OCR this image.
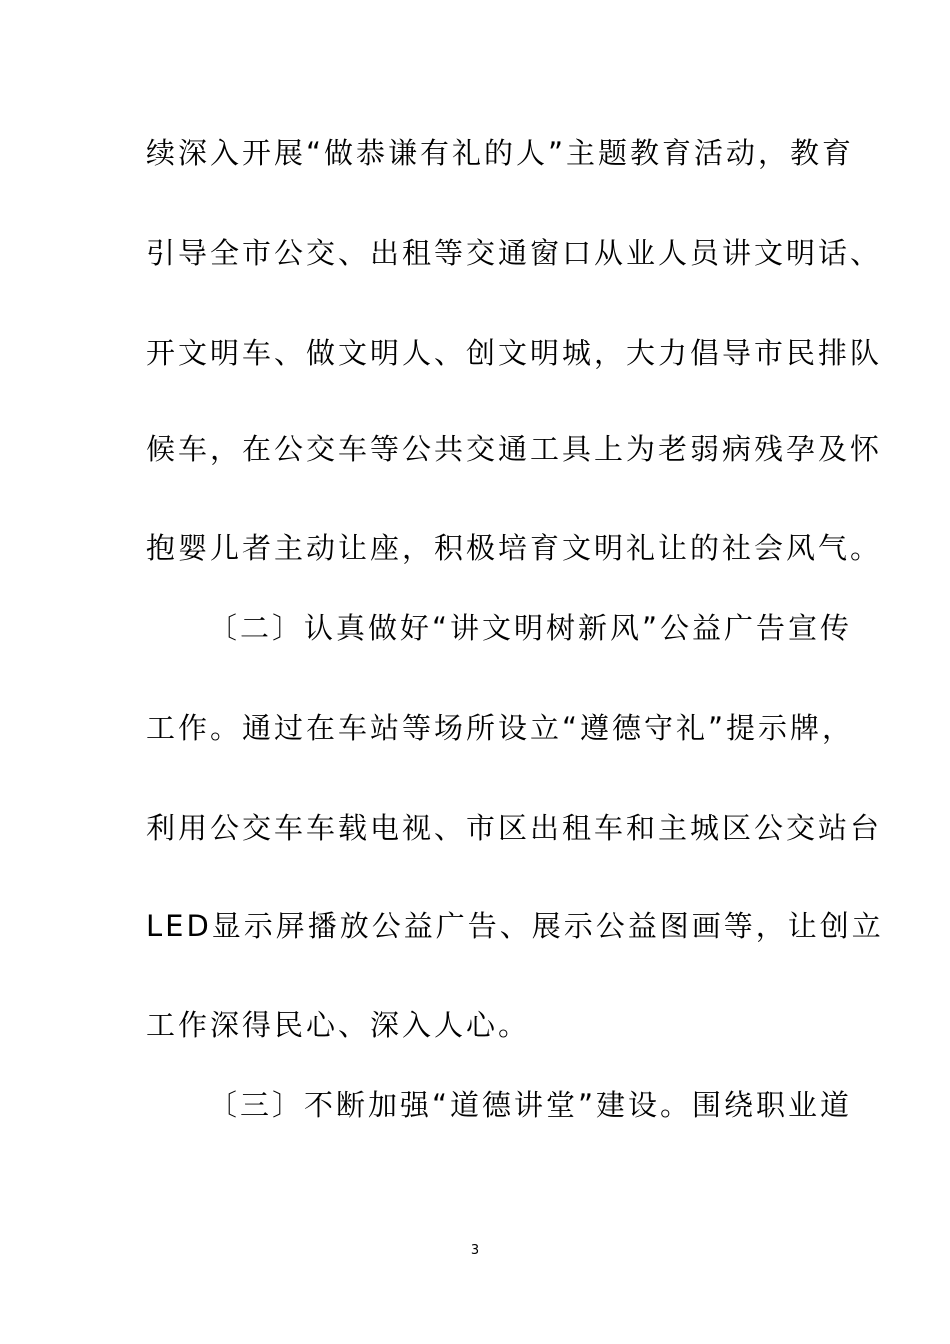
续深入开展“做恭谦有礼的人”主题教育活动，教育
引导全市公交、出租等交通窗口从业人员讲文明话、
开文明车、做文明人、创文明城，大力倡导市民排队
候车，在公交车等公共交通工具上为老弱病残孕及怀
抱婴儿者主动让座，积极培育文明礼让的社会风气。
〔二〕认真做好“讲文明树新风”公益广告宣传
工作。通过在车站等场所设立“遵德守礼”提示牌，
利用公交车车载电视、市区出租车和主城区公交站台
LED显示屏播放公益广告、展示公益图画等，让创立
工作深得民心、深入人心。
〔三〕不断加强“道德讲堂”建设。围绕职业道
3
